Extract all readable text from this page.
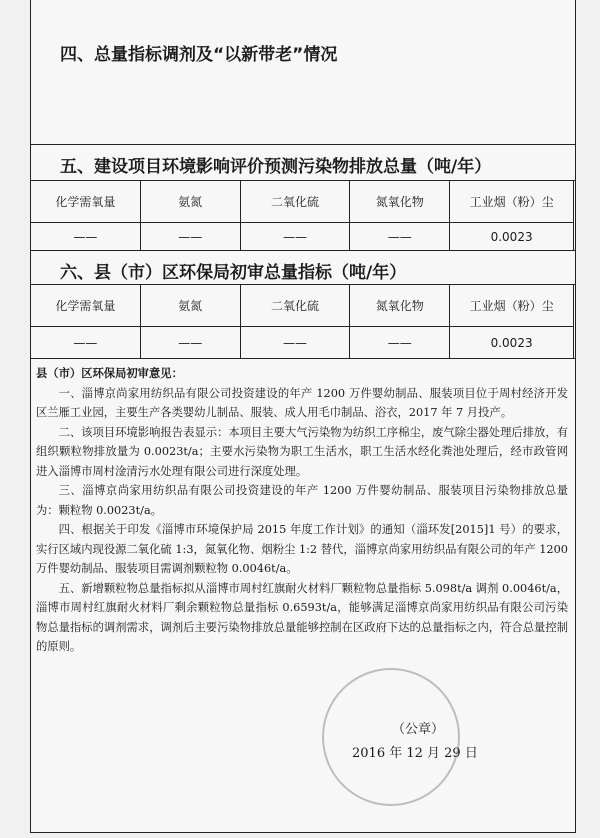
四、总量指标调剂及“以新带老”情况
五、建设项目环境影响评价预测污染物排放总量（吨/年）
六、县（市）区环保局初审总量指标（吨/年）
化学需氧量	氨氮	二氧化硫	氮氧化物	工业烟（粉）尘
——	——	——	——	0.0023
化学需氧量	氨氮	二氧化硫	氮氧化物	工业烟（粉）尘
——	——	——	——	0.0023

县（市）区环保局初审意见：

一、淄博京尚家用纺织品有限公司投资建设的年产 1200 万件婴幼制品、服装项目位于周村经济开发区兰雁工业园，主要生产各类婴幼儿制品、服装、成人用毛巾制品、浴衣，2017 年 7 月投产。

二、该项目环境影响报告表显示：本项目主要大气污染物为纺织工序棉尘，废气除尘器处理后排放，有组织颗粒物排放量为 0.0023t/a；主要水污染物为职工生活水，职工生活水经化粪池处理后，经市政管网进入淄博市周村淦清污水处理有限公司进行深度处理。

三、淄博京尚家用纺织品有限公司投资建设的年产 1200 万件婴幼制品、服装项目污染物排放总量为：颗粒物 0.0023t/a。

四、根据关于印发《淄博市环境保护局 2015 年度工作计划》的通知（淄环发[2015]1 号）的要求，实行区域内现役源二氧化硫 1:3，氮氧化物、烟粉尘 1:2 替代，淄博京尚家用纺织品有限公司的年产 1200 万件婴幼制品、服装项目需调剂颗粒物 0.0046t/a。

五、新增颗粒物总量指标拟从淄博市周村红旗耐火材料厂颗粒物总量指标 5.098t/a 调剂 0.0046t/a，淄博市周村红旗耐火材料厂剩余颗粒物总量指标 0.6593t/a，能够满足淄博京尚家用纺织品有限公司污染物总量指标的调剂需求，调剂后主要污染物排放总量能够控制在区政府下达的总量指标之内，符合总量控制的原则。

（公章）
2016 年 12 月 29 日
